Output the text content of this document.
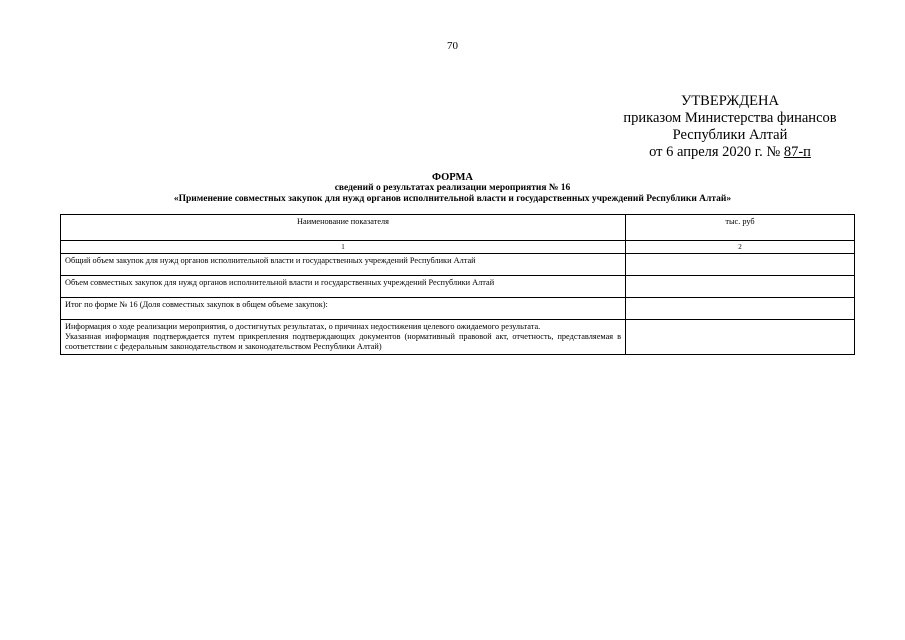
70
УТВЕРЖДЕНА
приказом Министерства финансов
Республики Алтай
от 6 апреля 2020 г. № 87-п
ФОРМА
сведений о результатах реализации мероприятия № 16
«Применение совместных закупок для нужд органов исполнительной власти и государственных учреждений Республики Алтай»
Наименование показателя	тыс. руб
1	2
Общий объем закупок для нужд органов исполнительной власти и государственных учреждений Республики Алтай	
Объем совместных закупок для нужд органов исполнительной власти и государственных учреждений Республики Алтай	
Итог по форме № 16 (Доля совместных закупок в общем объеме закупок):	

Информация о ходе реализации мероприятия, о достигнутых результатах, о причинах недостижения целевого ожидаемого результата.
Указанная информация подтверждается путем прикрепления подтверждающих документов (нормативный правовой акт, отчетность, представляемая в соответствии с федеральным законодательством и законодательством Республики Алтай)	
